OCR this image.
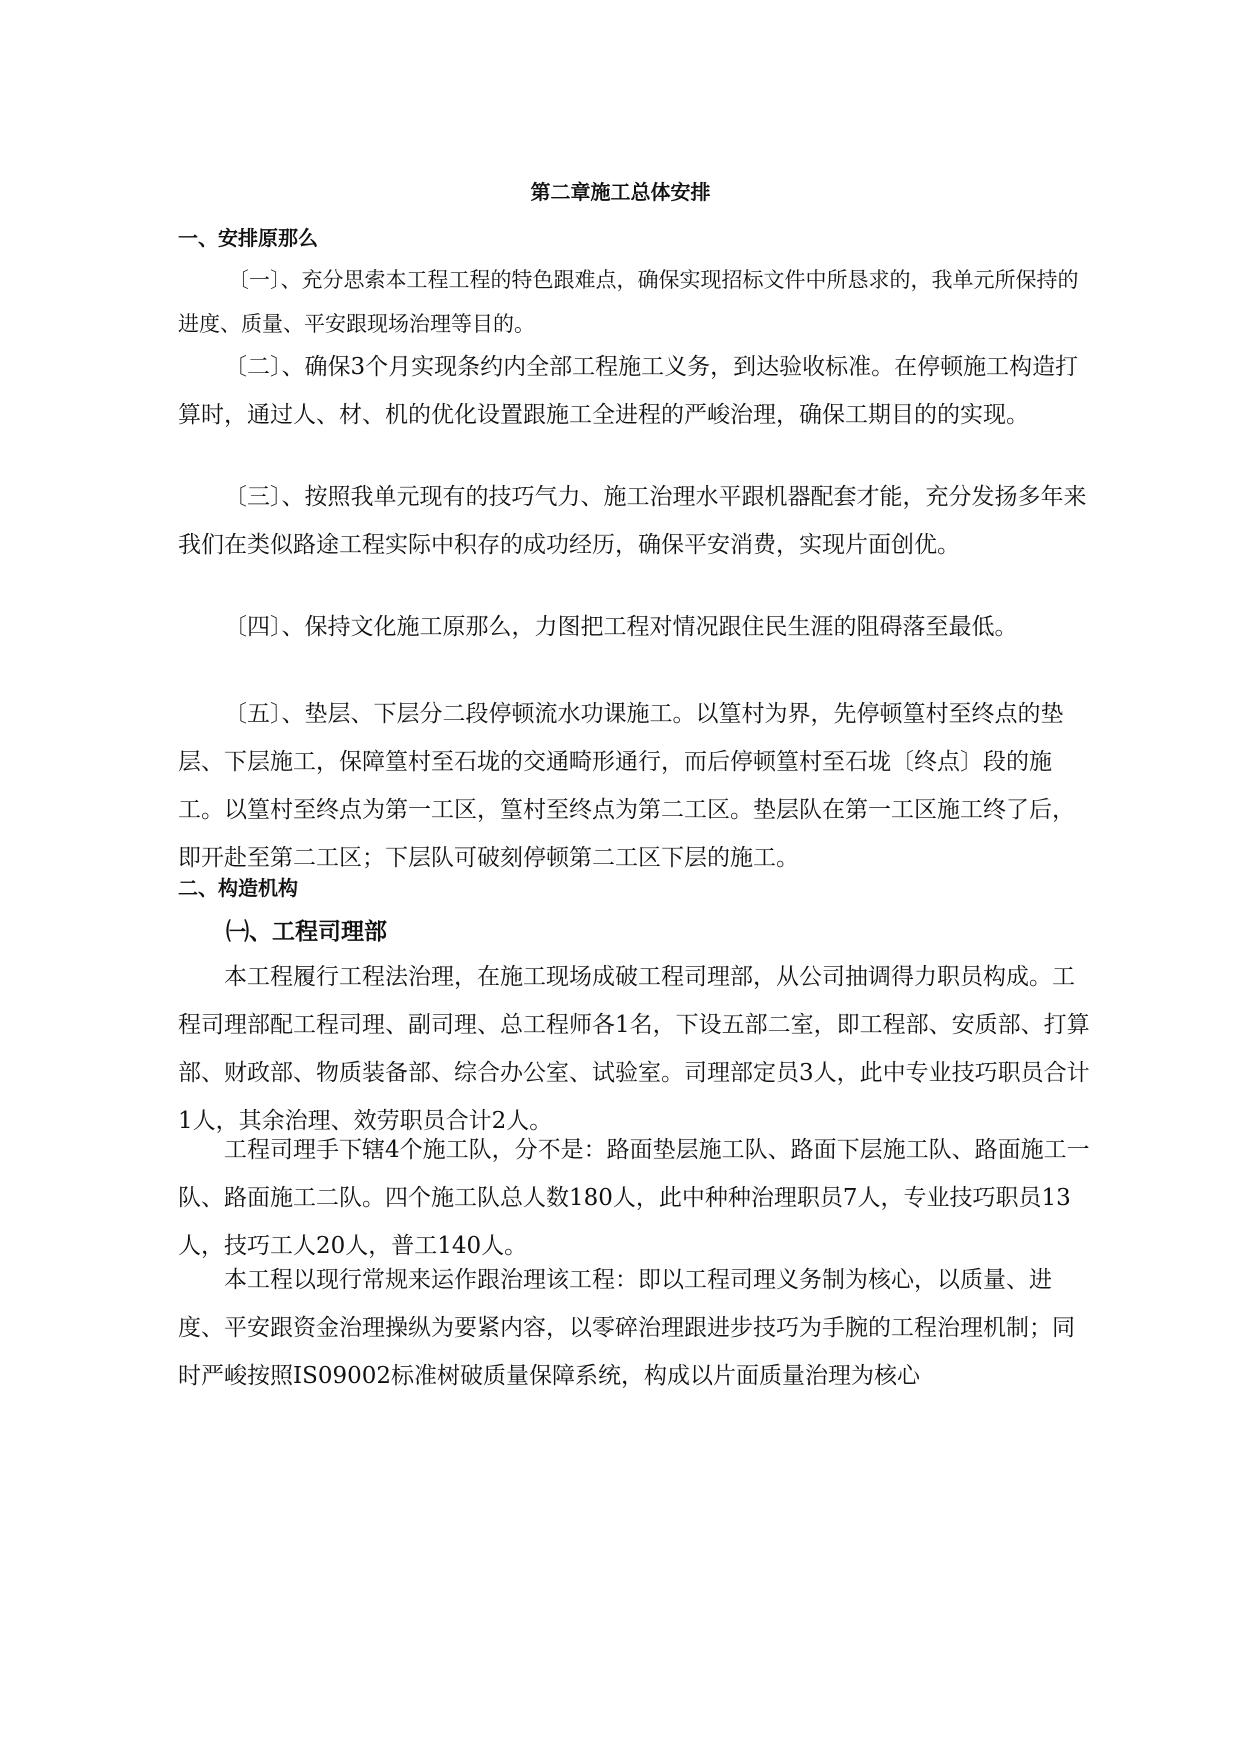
第二章施工总体安排
一、安排原那么

〔一〕、充分思索本工程工程的特色跟难点，确保实现招标文件中所恳求的，我单元所保持的进度、质量、平安跟现场治理等目的。

〔二〕、确保3个月实现条约内全部工程施工义务，到达验收标准。在停顿施工构造打算时，通过人、材、机的优化设置跟施工全进程的严峻治理，确保工期目的的实现。

〔三〕、按照我单元现有的技巧气力、施工治理水平跟机器配套才能，充分发扬多年来我们在类似路途工程实际中积存的成功经历，确保平安消费，实现片面创优。

〔四〕、保持文化施工原那么，力图把工程对情况跟住民生涯的阻碍落至最低。

〔五〕、垫层、下层分二段停顿流水功课施工。以篁村为界，先停顿篁村至终点的垫层、下层施工，保障篁村至石垅的交通畸形通行，而后停顿篁村至石垅〔终点〕段的施工。以篁村至终点为第一工区，篁村至终点为第二工区。垫层队在第一工区施工终了后，即开赴至第二工区；下层队可破刻停顿第二工区下层的施工。

二、构造机构
㈠、工程司理部

本工程履行工程法治理，在施工现场成破工程司理部，从公司抽调得力职员构成。工程司理部配工程司理、副司理、总工程师各1名，下设五部二室，即工程部、安质部、打算部、财政部、物质装备部、综合办公室、试验室。司理部定员3人，此中专业技巧职员合计1人，其余治理、效劳职员合计2人。

工程司理手下辖4个施工队，分不是：路面垫层施工队、路面下层施工队、路面施工一队、路面施工二队。四个施工队总人数180人，此中种种治理职员7人，专业技巧职员13人，技巧工人20人，普工140人。

本工程以现行常规来运作跟治理该工程：即以工程司理义务制为核心，以质量、进度、平安跟资金治理操纵为要紧内容，以零碎治理跟进步技巧为手腕的工程治理机制；同时严峻按照IS09002标准树破质量保障系统，构成以片面质量治理为核心
